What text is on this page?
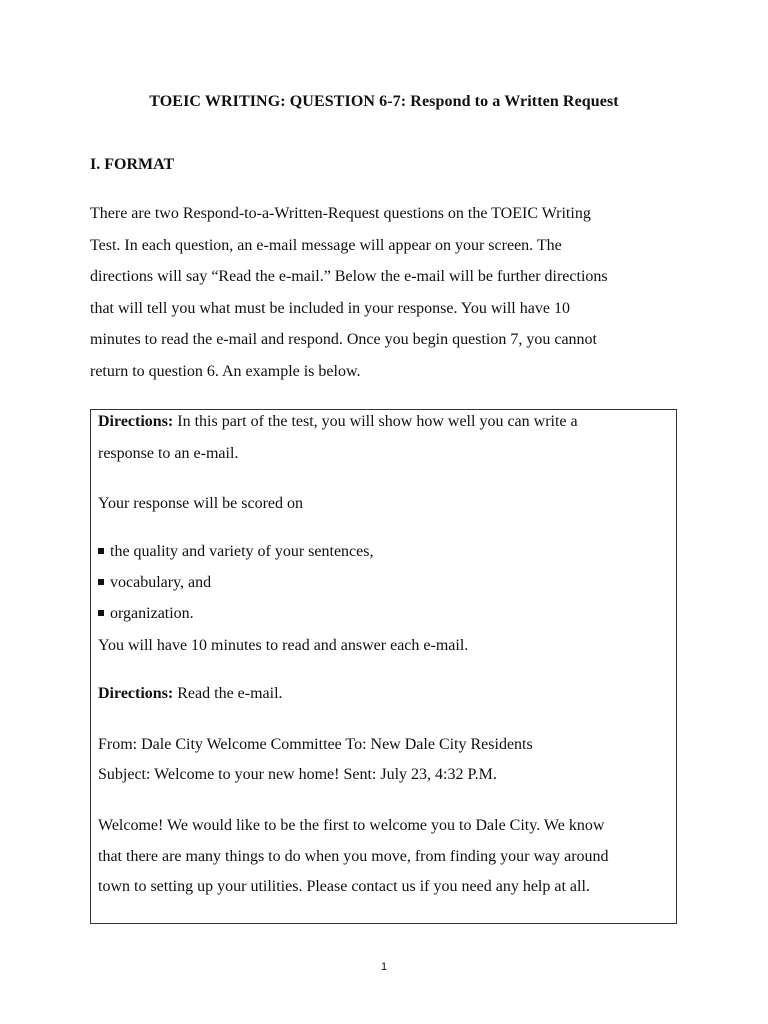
TOEIC WRITING: QUESTION 6-7: Respond to a Written Request
I. FORMAT
There are two Respond-to-a-Written-Request questions on the TOEIC Writing
Test. In each question, an e-mail message will appear on your screen. The
directions will say “Read the e-mail.” Below the e-mail will be further directions
that will tell you what must be included in your response. You will have 10
minutes to read the e-mail and respond. Once you begin question 7, you cannot
return to question 6. An example is below.
Directions: In this part of the test, you will show how well you can write a
response to an e-mail.
Your response will be scored on
the quality and variety of your sentences,
vocabulary, and
organization.
You will have 10 minutes to read and answer each e-mail.
Directions: Read the e-mail.
From: Dale City Welcome Committee To: New Dale City Residents
Subject: Welcome to your new home! Sent: July 23, 4:32 P.M.
Welcome! We would like to be the first to welcome you to Dale City. We know
that there are many things to do when you move, from finding your way around
town to setting up your utilities. Please contact us if you need any help at all.
1
